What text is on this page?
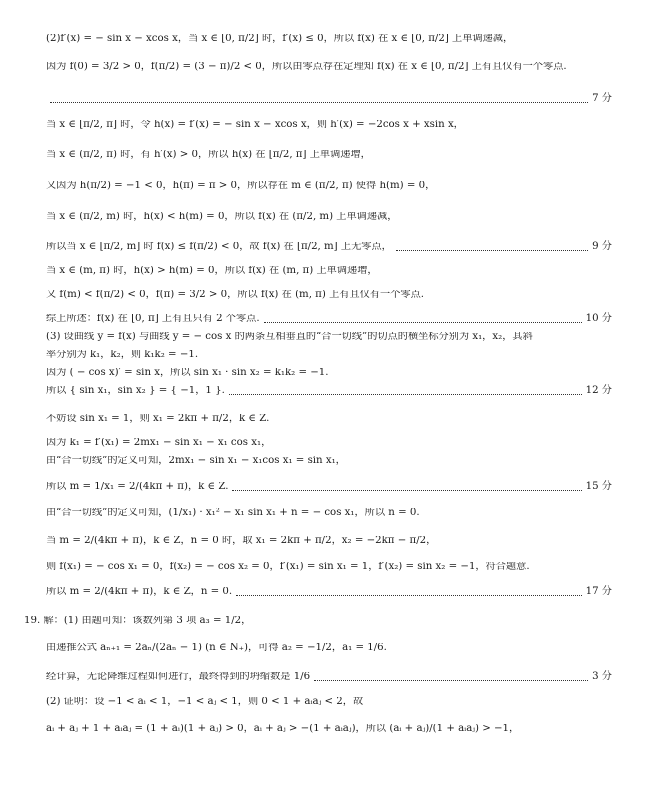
(2)f′(x) = − sin x − xcos x，当 x ∈ [0, π/2] 时，f′(x) ≤ 0，所以 f(x) 在 x ∈ [0, π/2] 上单调递减，
因为 f(0) = 3/2 > 0，f(π/2) = (3 − π)/2 < 0，所以由零点存在定理知 f(x) 在 x ∈ [0, π/2] 上有且仅有一个零点.
7 分
当 x ∈ [π/2, π] 时，令 h(x) = f′(x) = − sin x − xcos x，则 h′(x) = −2cos x + xsin x，
当 x ∈ (π/2, π) 时，有 h′(x) > 0，所以 h(x) 在 [π/2, π] 上单调递增，
又因为 h(π/2) = −1 < 0，h(π) = π > 0，所以存在 m ∈ (π/2, π) 使得 h(m) = 0，
当 x ∈ (π/2, m) 时，h(x) < h(m) = 0，所以 f(x) 在 (π/2, m) 上单调递减，
所以当 x ∈ [π/2, m] 时 f(x) ≤ f(π/2) < 0，故 f(x) 在 [π/2, m] 上无零点，	9 分
当 x ∈ (m, π) 时，h(x) > h(m) = 0，所以 f(x) 在 (m, π) 上单调递增，
又 f(m) < f(π/2) < 0，f(π) = 3/2 > 0，所以 f(x) 在 (m, π) 上有且仅有一个零点.
综上所述：f(x) 在 [0, π] 上有且只有 2 个零点.	10 分
(3) 设曲线 y = f(x) 与曲线 y = − cos x 的两条互相垂直的“合一切线”的切点的横坐标分别为 x₁，x₂，其斜
率分别为 k₁，k₂，则 k₁k₂ = −1.
因为 ( − cos x)′ = sin x，所以 sin x₁ · sin x₂ = k₁k₂ = −1.
所以 { sin x₁，sin x₂ } = { −1，1 }.	12 分
不妨设 sin x₁ = 1，则 x₁ = 2kπ + π/2，k ∈ Z.
因为 k₁ = f′(x₁) = 2mx₁ − sin x₁ − x₁ cos x₁，
由“合一切线”的定义可知，2mx₁ − sin x₁ − x₁cos x₁ = sin x₁，
所以 m = 1/x₁ = 2/(4kπ + π)，k ∈ Z.	15 分
由“合一切线”的定义可知，(1/x₁) · x₁² − x₁ sin x₁ + n = − cos x₁，所以 n = 0.
当 m = 2/(4kπ + π)，k ∈ Z，n = 0 时，取 x₁ = 2kπ + π/2，x₂ = −2kπ − π/2，
则 f(x₁) = − cos x₁ = 0，f(x₂) = − cos x₂ = 0，f′(x₁) = sin x₁ = 1，f′(x₂) = sin x₂ = −1，符合题意.
所以 m = 2/(4kπ + π)，k ∈ Z，n = 0.	17 分
19. 解：(1) 由题可知：该数列第 3 项 a₃ = 1/2，
由递推公式 aₙ₊₁ = 2aₙ/(2aₙ − 1) (n ∈ N₊)，可得 a₂ = −1/2，a₁ = 1/6.
经计算，无论降维过程如何进行，最终得到的坍缩数是 1/6	3 分
(2) 证明：设 −1 < aᵢ < 1，−1 < aⱼ < 1，则 0 < 1 + aᵢaⱼ < 2，故
aᵢ + aⱼ + 1 + aᵢaⱼ = (1 + aᵢ)(1 + aⱼ) > 0，aᵢ + aⱼ > −(1 + aᵢaⱼ)，所以 (aᵢ + aⱼ)/(1 + aᵢaⱼ) > −1，
